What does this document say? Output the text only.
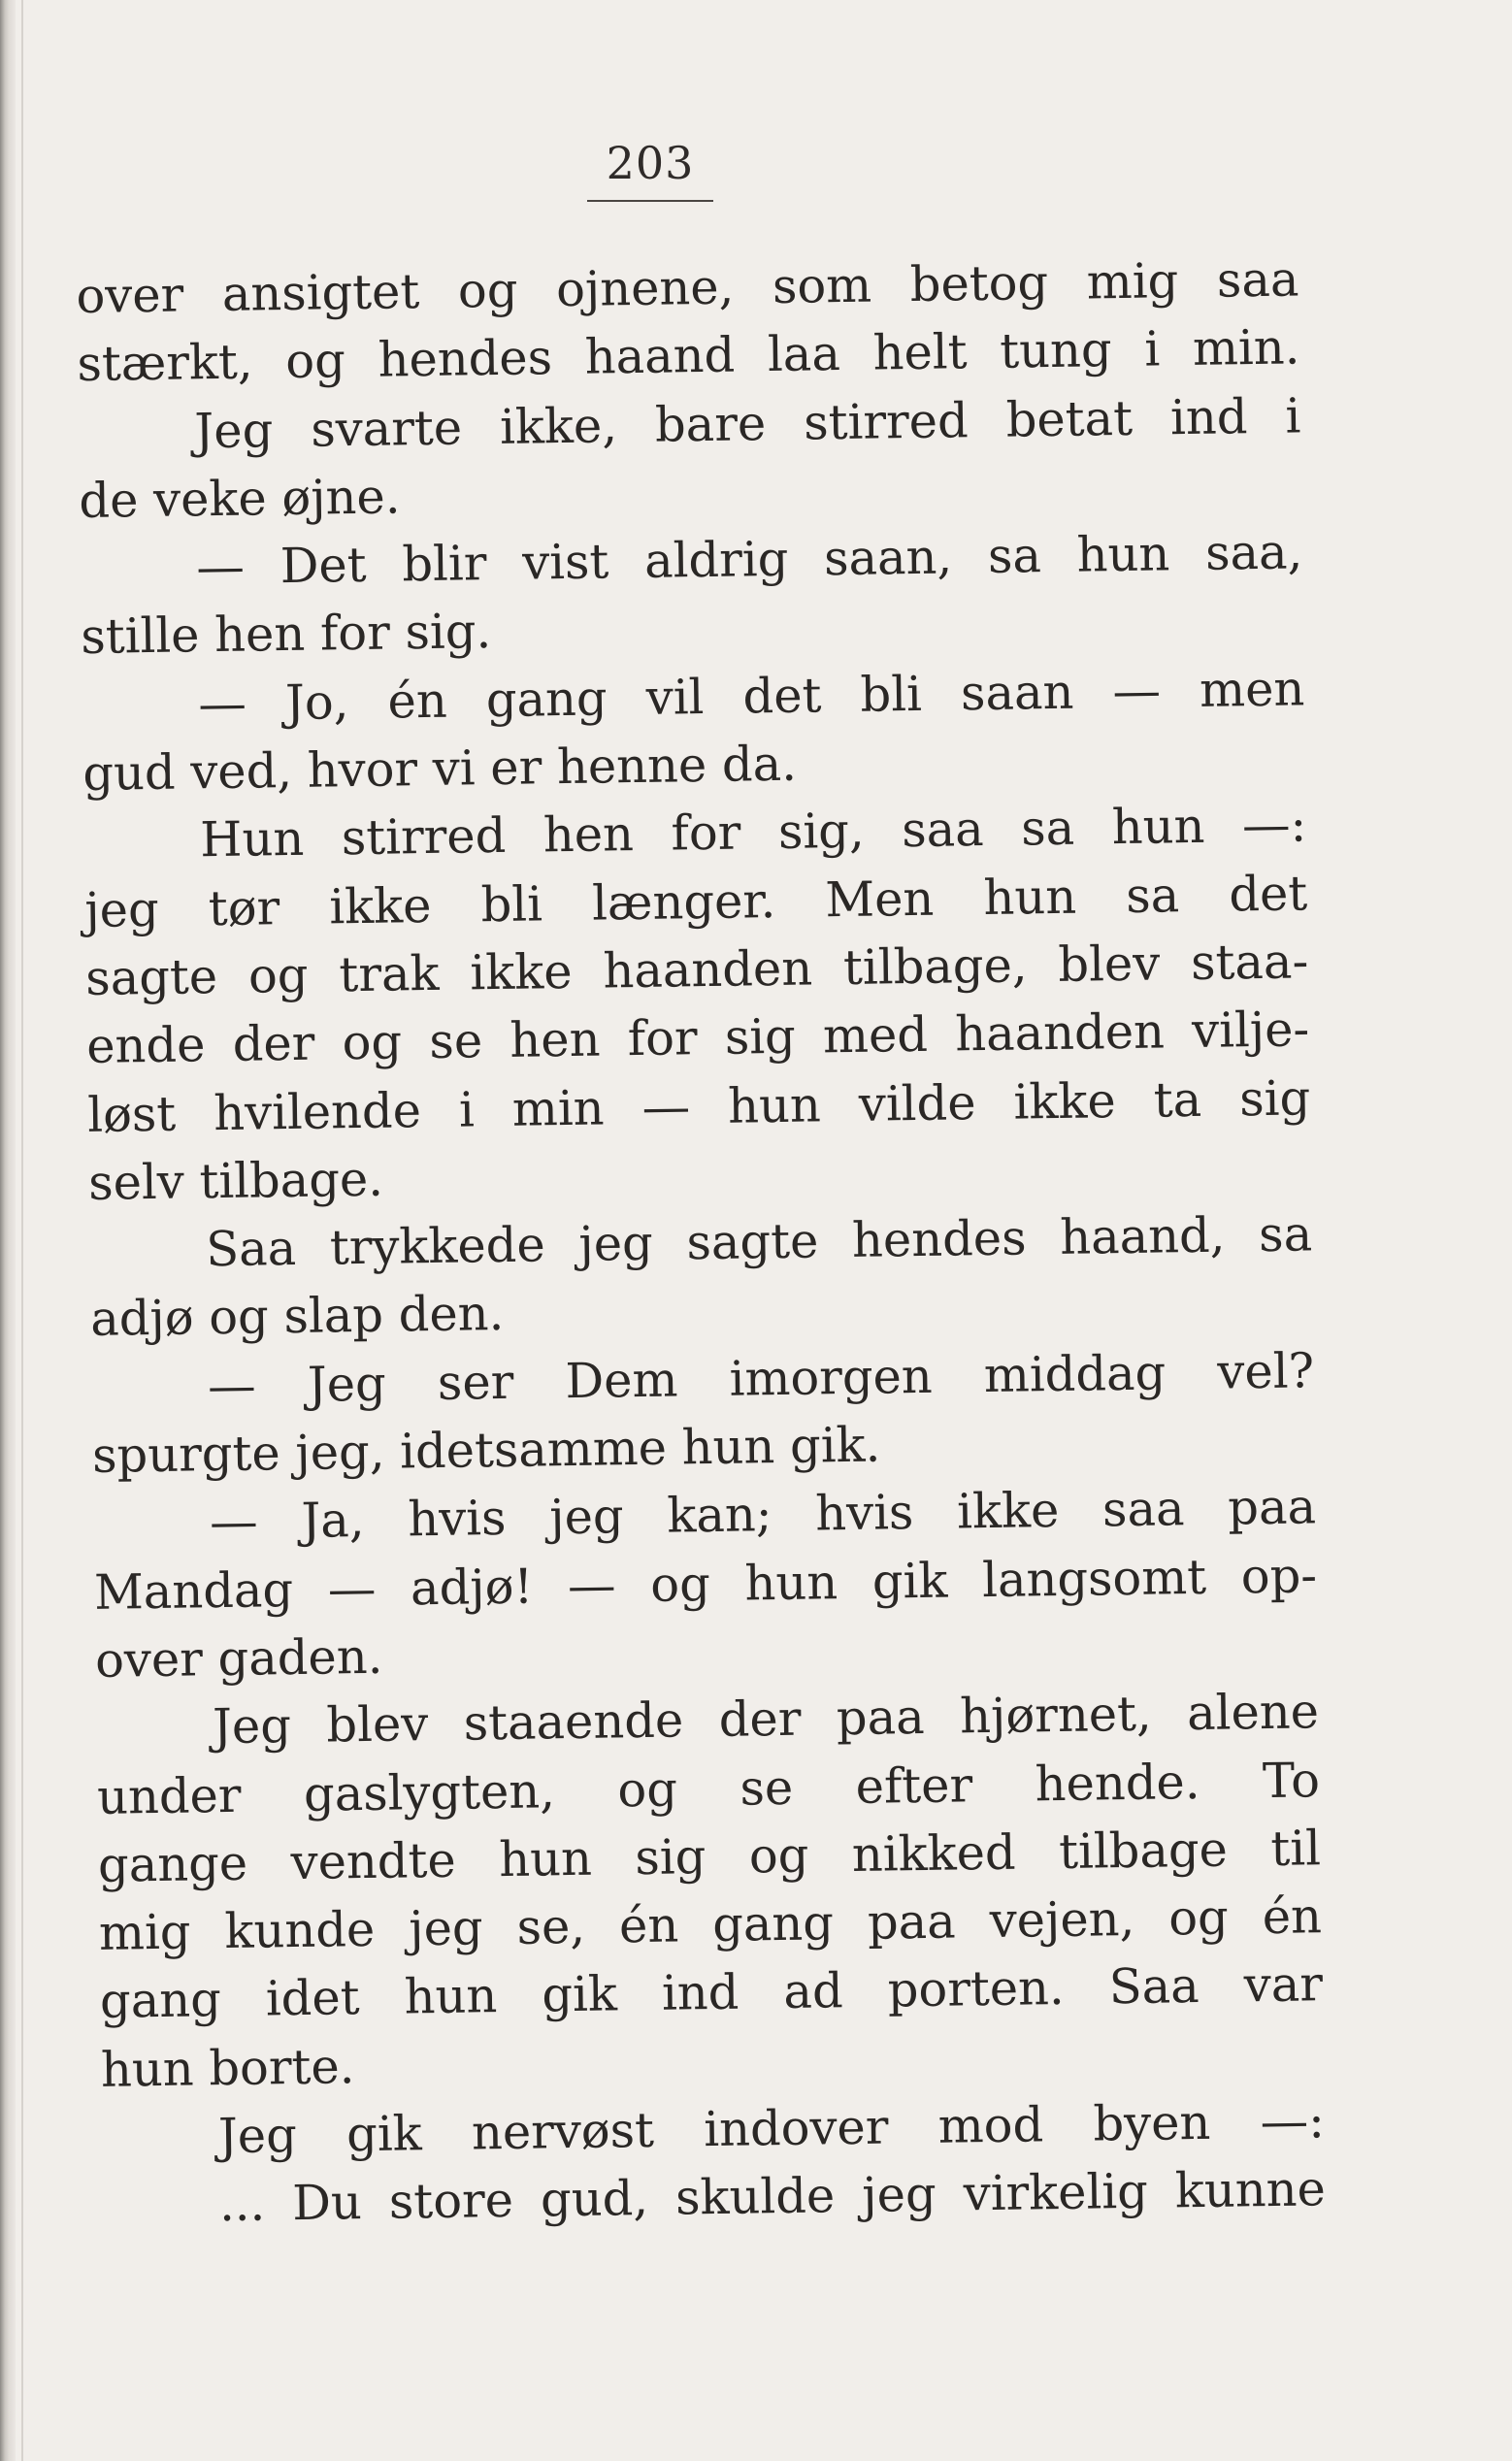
203
over ansigtet og ojnene, som betog mig saa
stærkt, og hendes haand laa helt tung i min.
Jeg svarte ikke, bare stirred betat ind i
de veke øjne.
— Det blir vist aldrig saan, sa hun saa,
stille hen for sig.
— Jo, én gang vil det bli saan — men
gud ved, hvor vi er henne da.
Hun stirred hen for sig, saa sa hun —:
jeg tør ikke bli længer. Men hun sa det
sagte og trak ikke haanden tilbage, blev staa-
ende der og se hen for sig med haanden vilje-
løst hvilende i min — hun vilde ikke ta sig
selv tilbage.
Saa trykkede jeg sagte hendes haand, sa
adjø og slap den.
— Jeg ser Dem imorgen middag vel?
spurgte jeg, idetsamme hun gik.
— Ja, hvis jeg kan; hvis ikke saa paa
Mandag — adjø! — og hun gik langsomt op-
over gaden.
Jeg blev staaende der paa hjørnet, alene
under gaslygten, og se efter hende. To
gange vendte hun sig og nikked tilbage til
mig kunde jeg se, én gang paa vejen, og én
gang idet hun gik ind ad porten. Saa var
hun borte.
Jeg gik nervøst indover mod byen —:
... Du store gud, skulde jeg virkelig kunne
